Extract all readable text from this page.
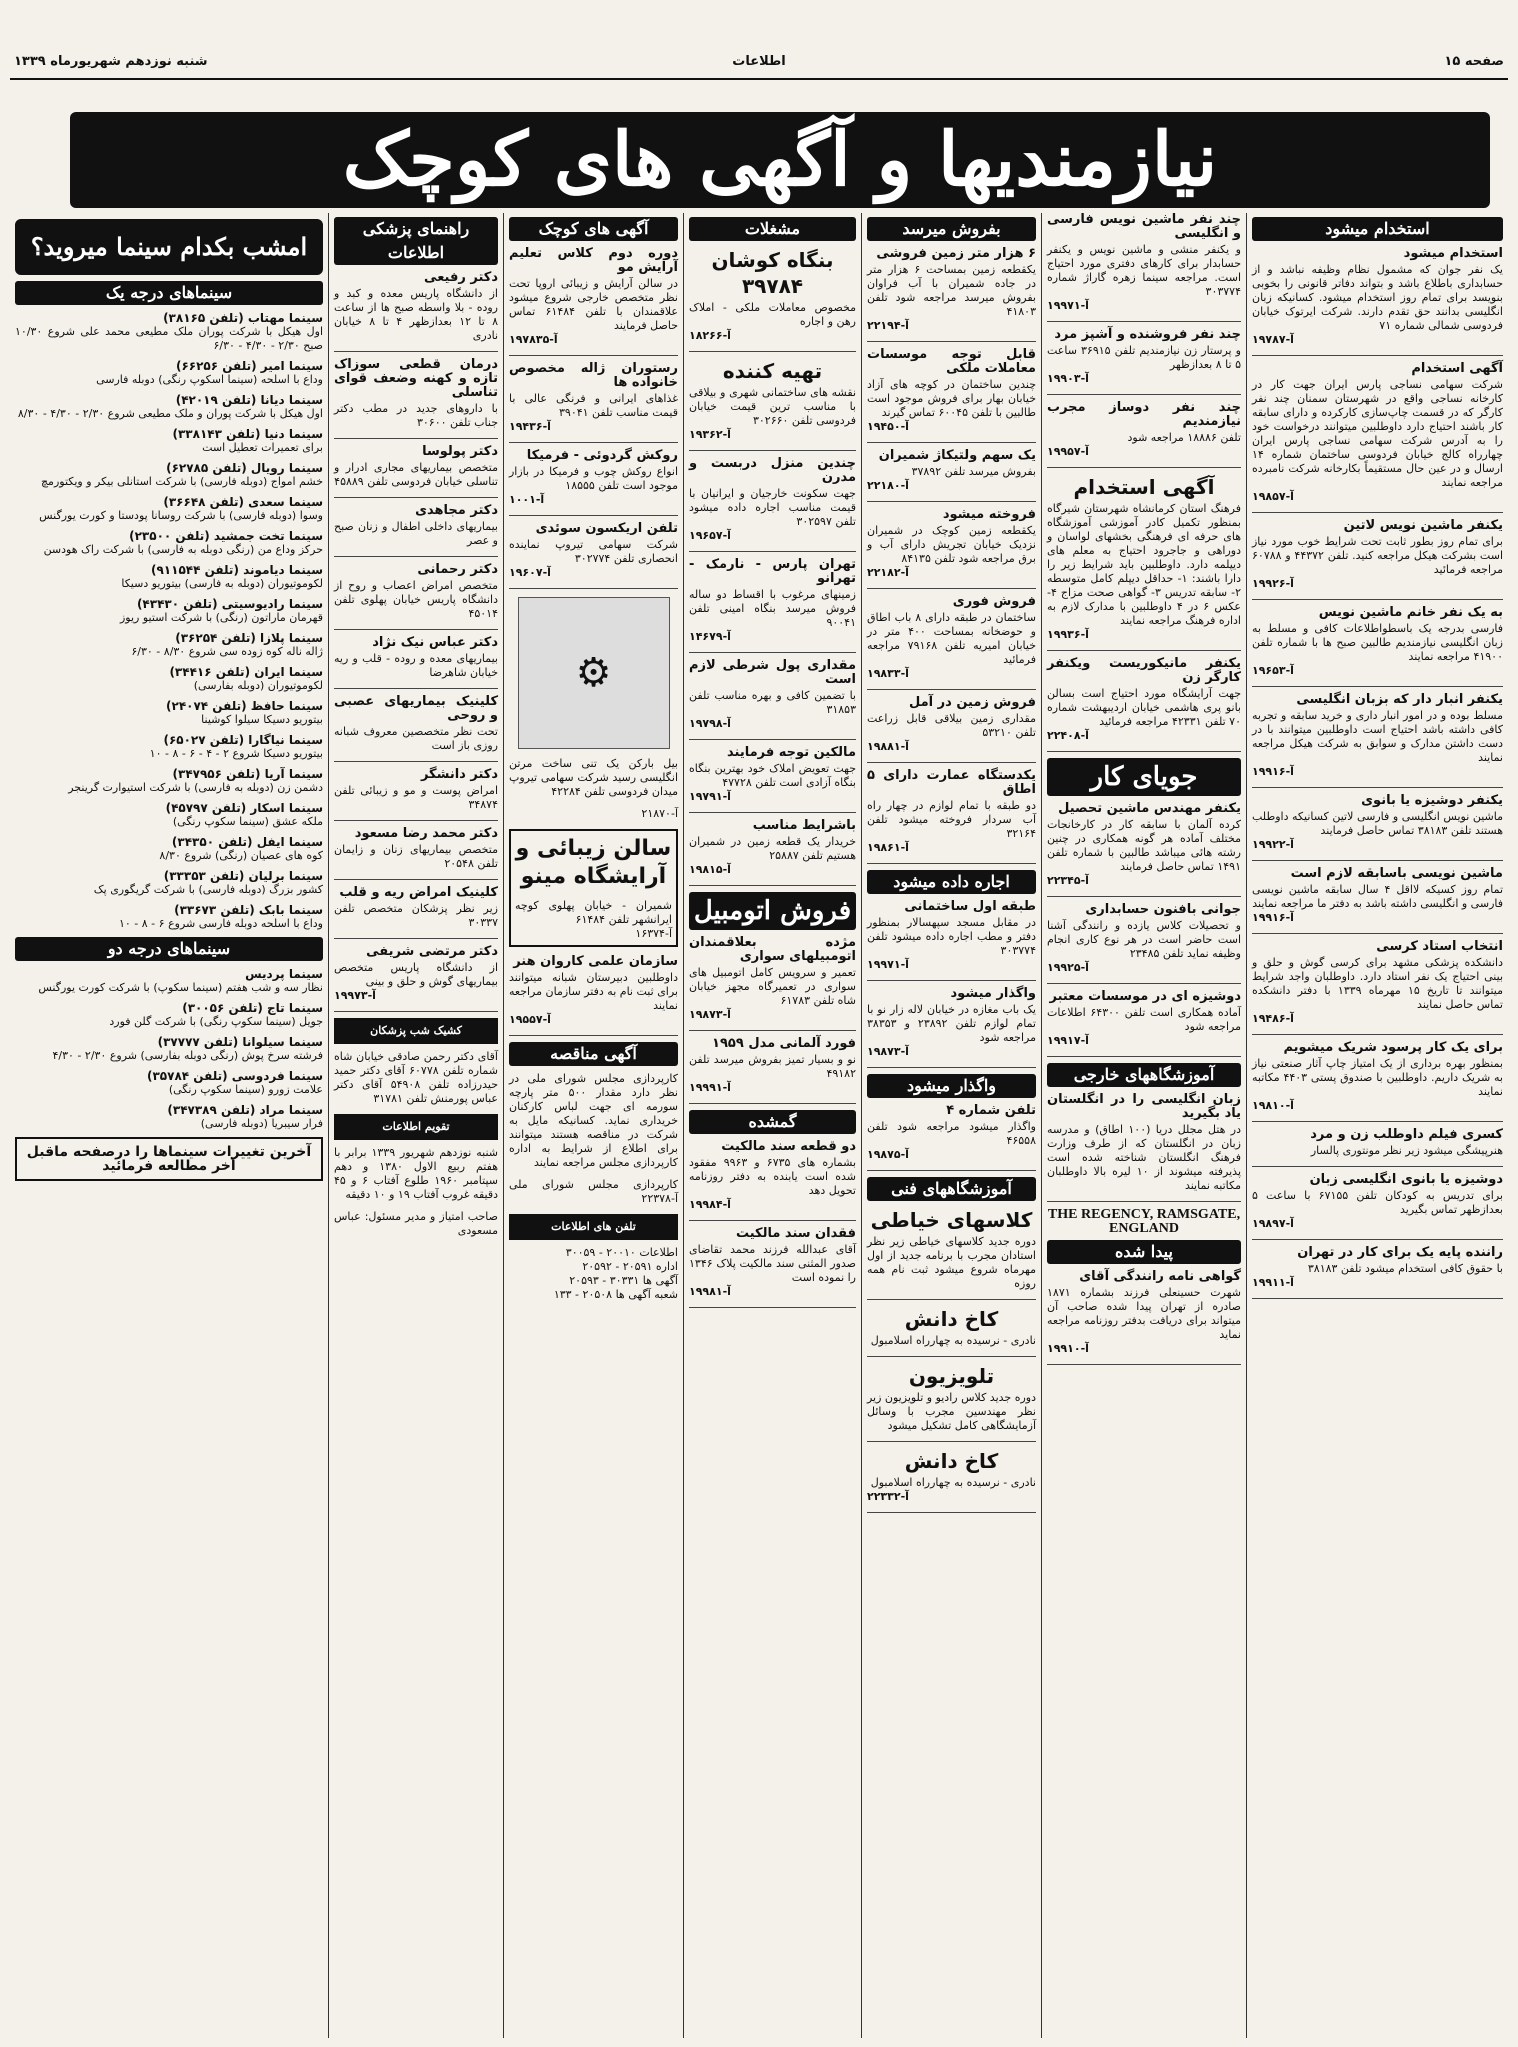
صفحه ۱۵
اطلاعات
شنبه نوزدهم شهریورماه ۱۳۳۹
نیازمندیها و آگهی های کوچک
استخدام میشود
استخدام میشود
یک نفر جوان که مشمول نظام وظیفه نباشد و از حسابداری باطلاع باشد و بتواند دفاتر قانونی را بخوبی بنویسد برای تمام روز استخدام میشود. کسانیکه زبان انگلیسی بدانند حق تقدم دارند. شرکت ایرتوک خیابان فردوسی شمالی شماره ۷۱
آ-۱۹۷۸۷
آگهی استخدام
شرکت سهامی نساجی پارس ایران جهت کار در کارخانه نساجی واقع در شهرستان سمنان چند نفر کارگر که در قسمت چاپ‌سازی کارکرده و دارای سابقه کار باشند احتیاج دارد داوطلبین میتوانند درخواست خود را به آدرس شرکت سهامی نساجی پارس ایران چهارراه کالج خیابان فردوسی ساختمان شماره ۱۴ ارسال و در عین حال مستقیماً بکارخانه شرکت نامبرده مراجعه نمایند
آ-۱۹۸۵۷
یکنفر ماشین نویس لاتین
برای تمام روز بطور ثابت تحت شرایط خوب مورد نیاز است بشرکت هیکل مراجعه کنید. تلفن ۴۴۳۷۲ و ۶۰۷۸۸ مراجعه فرمائید
آ-۱۹۹۲۶
به یک نفر خانم ماشین نویس
فارسی بدرجه یک باسطواطلاعات کافی و مسلط به زبان انگلیسی نیازمندیم طالبین صبح ها با شماره تلفن ۴۱۹۰۰ مراجعه نمایند
آ-۱۹۶۵۳
یکنفر انبار دار که بزبان انگلیسی
مسلط بوده و در امور انبار داری و خرید سابقه و تجربه کافی داشته باشد احتیاج است داوطلبین میتوانند با در دست داشتن مدارک و سوابق به شرکت هیکل مراجعه نمایند
آ-۱۹۹۱۶
یکنفر دوشیزه یا بانوی
ماشین نویس انگلیسی و فارسی لاتین کسانیکه داوطلب هستند تلفن ۳۸۱۸۳ تماس حاصل فرمایند
آ-۱۹۹۲۲
ماشین نویسی باسابقه لازم است
تمام روز کسیکه لااقل ۴ سال سابقه ماشین نویسی فارسی و انگلیسی داشته باشد به دفتر ما مراجعه نمایند
آ-۱۹۹۱۶
انتخاب استاد کرسی
دانشکده پزشکی مشهد برای کرسی گوش و حلق و بینی احتیاج یک نفر استاد دارد. داوطلبان واجد شرایط میتوانند تا تاریخ ۱۵ مهرماه ۱۳۳۹ با دفتر دانشکده تماس حاصل نمایند
آ-۱۹۴۸۶
برای یک کار پرسود شریک میشویم
بمنظور بهره برداری از یک امتیاز چاپ آثار صنعتی نیاز به شریک داریم. داوطلبین با صندوق پستی ۴۴۰۳ مکاتبه نمایند
آ-۱۹۸۱۰
کسری فیلم داوطلب زن و مرد
هنرپیشگی میشود زیر نظر مونتوری پالسار
دوشیزه یا بانوی انگلیسی زبان
برای تدریس به کودکان تلفن ۶۷۱۵۵ با ساعت ۵ بعدازظهر تماس بگیرید
آ-۱۹۸۹۷
راننده پایه یک برای کار در تهران
با حقوق کافی استخدام میشود تلفن ۳۸۱۸۳
آ-۱۹۹۱۱
چند نفر ماشین نویس فارسی و انگلیسی
و یکنفر منشی و ماشین نویس و یکنفر حسابدار برای کارهای دفتری مورد احتیاج است. مراجعه سینما زهره گاراژ شماره ۳۰۳۷۷۴
آ-۱۹۹۷۱
چند نفر فروشنده و آشپز مرد
و پرستار زن نیازمندیم تلفن ۳۶۹۱۵ ساعت ۵ تا ۸ بعدازظهر
آ-۱۹۹۰۳
چند نفر دوساز مجرب نیازمندیم
تلفن ۱۸۸۸۶ مراجعه شود
آ-۱۹۹۵۷
آگهی استخدام
فرهنگ استان کرمانشاه شهرستان شیرگاه بمنظور تکمیل کادر آموزشی آموزشگاه های حرفه ای فرهنگی بخشهای لواسان و دوراهی و جاجرود احتیاج به معلم های دیپلمه دارد. داوطلبین باید شرایط زیر را دارا باشند: ۱- حداقل دیپلم کامل متوسطه ۲- سابقه تدریس ۳- گواهی صحت مزاج ۴- عکس ۶ در ۴ داوطلبین با مدارک لازم به اداره فرهنگ مراجعه نمایند
آ-۱۹۹۳۶
یکنفر مانیکوریست ویکنفر کارگر زن
جهت آرایشگاه مورد احتیاج است بسالن بانو پری هاشمی خیابان اردیبهشت شماره ۷۰ تلفن ۴۲۳۳۱ مراجعه فرمائید
آ-۲۲۴۰۸
جویای کار
یکنفر مهندس ماشین تحصیل
کرده آلمان با سابقه کار در کارخانجات مختلف آماده هر گونه همکاری در چنین رشته هائی میباشد طالبین با شماره تلفن ۱۴۹۱ تماس حاصل فرمایند
آ-۲۲۳۴۵
جوانی بافنون حسابداری
و تحصیلات کلاس یازده و رانندگی آشنا است حاضر است در هر نوع کاری انجام وظیفه نماید تلفن ۲۳۴۸۵
آ-۱۹۹۲۵
دوشیزه ای در موسسات معتبر
آماده همکاری است تلفن ۶۴۳۰۰ اطلاعات مراجعه شود
آ-۱۹۹۱۷
آموزشگاههای خارجی
زبان انگلیسی را در انگلستان یاد بگیرید
در هتل مجلل دریا (۱۰۰ اطاق) و مدرسه زبان در انگلستان که از طرف وزارت فرهنگ انگلستان شناخته شده است پذیرفته میشوند از ۱۰ لیره بالا داوطلبان مکاتبه نمایند
THE REGENCY, RAMSGATE, ENGLAND
پیدا شده
گواهی نامه رانندگی آقای
شهرت حسینعلی فرزند بشماره ۱۸۷۱ صادره از تهران پیدا شده صاحب آن میتواند برای دریافت بدفتر روزنامه مراجعه نماید
آ-۱۹۹۱۰
بفروش میرسد
۶ هزار متر زمین فروشی
یکقطعه زمین بمساحت ۶ هزار متر در جاده شمیران با آب فراوان بفروش میرسد مراجعه شود تلفن ۴۱۸۰۳
آ-۲۲۱۹۴
قابل توجه موسسات معاملات ملکی
چندین ساختمان در کوچه های آزاد خیابان بهار برای فروش موجود است طالبین با تلفن ۶۰۰۴۵ تماس گیرند
آ-۱۹۴۵۰
یک سهم ولتیکاژ شمیران
بفروش میرسد تلفن ۳۷۸۹۲
آ-۲۲۱۸۰
فروخته میشود
یکقطعه زمین کوچک در شمیران نزدیک خیابان تجریش دارای آب و برق مراجعه شود تلفن ۸۴۱۳۵
آ-۲۲۱۸۲
فروش فوری
ساختمان در طبقه دارای ۸ باب اطاق و حوضخانه بمساحت ۴۰۰ متر در خیابان امیریه تلفن ۷۹۱۶۸ مراجعه فرمائید
آ-۱۹۸۳۳
فروش زمین در آمل
مقداری زمین بیلاقی قابل زراعت تلفن ۵۳۲۱۰
آ-۱۹۸۸۱
یکدستگاه عمارت دارای ۵ اطاق
دو طبقه با تمام لوازم در چهار راه آب سردار فروخته میشود تلفن ۳۲۱۶۴
آ-۱۹۸۶۱
اجاره داده میشود
طبقه اول ساختمانی
در مقابل مسجد سپهسالار بمنظور دفتر و مطب اجاره داده میشود تلفن ۳۰۳۷۷۴
آ-۱۹۹۷۱
واگذار میشود
یک باب مغازه در خیابان لاله زار نو با تمام لوازم تلفن ۲۳۸۹۲ و ۳۸۳۵۳ مراجعه شود
آ-۱۹۸۷۳
واگذار میشود
تلفن شماره ۴
واگذار میشود مراجعه شود تلفن ۴۶۵۵۸
آ-۱۹۸۷۵
آموزشگاههای فنی
کلاسهای خیاطی
دوره جدید کلاسهای خیاطی زیر نظر استادان مجرب با برنامه جدید از اول مهرماه شروع میشود ثبت نام همه روزه
کاخ دانش
نادری - نرسیده به چهارراه اسلامبول
تلویزیون
دوره جدید کلاس رادیو و تلویزیون زیر نظر مهندسین مجرب با وسائل آزمایشگاهی کامل تشکیل میشود
کاخ دانش
نادری - نرسیده به چهارراه اسلامبول
آ-۲۲۳۳۲
مشغلات
بنگاه کوشان ۳۹۷۸۴
مخصوص معاملات ملکی - املاک رهن و اجاره
آ-۱۸۲۶۶
تهیه کننده
نقشه های ساختمانی شهری و بیلاقی با مناسب ترین قیمت خیابان فردوسی تلفن ۳۰۲۶۶۰
آ-۱۹۳۶۲
چندین منزل دربست و مدرن
جهت سکونت خارجیان و ایرانیان با قیمت مناسب اجاره داده میشود تلفن ۳۰۲۵۹۷
آ-۱۹۶۵۷
تهران پارس - نارمک - تهرانو
زمینهای مرغوب با اقساط دو ساله فروش میرسد بنگاه امینی تلفن ۹۰۰۴۱
آ-۱۴۶۷۹
مقداری پول شرطی لازم است
با تضمین کافی و بهره مناسب تلفن ۳۱۸۵۳
آ-۱۹۷۹۸
مالکین توجه فرمایند
جهت تعویض املاک خود بهترین بنگاه بنگاه آزادی است تلفن ۴۷۷۲۸
آ-۱۹۷۹۱
باشرایط مناسب
خریدار یک قطعه زمین در شمیران هستیم تلفن ۲۵۸۸۷
آ-۱۹۸۱۵
فروش اتومبیل
مژده بعلاقمندان اتومبیلهای سواری
تعمیر و سرویس کامل اتومبیل های سواری در تعمیرگاه مجهز خیابان شاه تلفن ۶۱۷۸۳
آ-۱۹۸۷۳
فورد آلمانی مدل ۱۹۵۹
نو و بسیار تمیز بفروش میرسد تلفن ۴۹۱۸۲
آ-۱۹۹۹۱
گمشده
دو قطعه سند مالکیت
بشماره های ۶۷۳۵ و ۹۹۶۳ مفقود شده است یابنده به دفتر روزنامه تحویل دهد
آ-۱۹۹۸۴
فقدان سند مالکیت
آقای عبدالله فرزند محمد تقاضای صدور المثنی سند مالکیت پلاک ۱۳۴۶ را نموده است
آ-۱۹۹۸۱
آگهی های کوچک
دوره دوم کلاس تعلیم آرایش مو
در سالن آرایش و زیبائی اروپا تحت نظر متخصص خارجی شروع میشود علاقمندان با تلفن ۶۱۴۸۴ تماس حاصل فرمایند
آ-۱۹۷۸۳۵
رستوران ژاله مخصوص خانواده ها
غذاهای ایرانی و فرنگی عالی با قیمت مناسب تلفن ۳۹۰۴۱
آ-۱۹۴۳۶
روکش گردوئی - فرمیکا
انواع روکش چوب و فرمیکا در بازار موجود است تلفن ۱۸۵۵۵
آ-۱۰۰۱
تلفن اریکسون سوئدی
شرکت سهامی تیروپ نماینده انحصاری تلفن ۳۰۲۷۷۴
آ-۱۹۶۰۷
⚙
بیل بارکن یک تنی ساخت مرتن انگلیسی رسید شرکت سهامی تیروپ میدان فردوسی تلفن ۴۲۲۸۴
آ-۲۱۸۷۰
سالن زیبائی و آرایشگاه مینو
شمیران - خیابان پهلوی کوچه ایرانشهر تلفن ۶۱۴۸۴
آ-۱۶۳۷۴
سازمان علمی کاروان هنر
داوطلبین دبیرستان شبانه میتوانند برای ثبت نام به دفتر سازمان مراجعه نمایند
آ-۱۹۵۵۷
آگهی مناقصه
کارپردازی مجلس شورای ملی در نظر دارد مقدار ۵۰۰ متر پارچه سورمه ای جهت لباس کارکنان خریداری نماید. کسانیکه مایل به شرکت در مناقصه هستند میتوانند برای اطلاع از شرایط به اداره کارپردازی مجلس مراجعه نمایند
کارپردازی مجلس شورای ملی آ-۲۲۳۷۸
تلفن های اطلاعات
اطلاعات ۲۰۰۱۰ - ۳۰۰۵۹
اداره ۲۰۵۹۱ - ۲۰۵۹۲
آگهی ها ۳۰۳۳۱ - ۲۰۵۹۳
شعبه آگهی ها ۲۰۵۰۸ - ۱۳۳
راهنمای پزشکی اطلاعات
دکتر رفیعی
از دانشگاه پاریس معده و کبد و روده - بلا واسطه صبح ها از ساعت ۸ تا ۱۲ بعدازظهر ۴ تا ۸ خیابان نادری
درمان قطعی سوزاک تازه و کهنه وضعف قوای تناسلی
با داروهای جدید در مطب دکتر جناب تلفن ۳۰۶۰۰
دکتر پولوسا
متخصص بیماریهای مجاری ادرار و تناسلی خیابان فردوسی تلفن ۴۵۸۸۹
دکتر مجاهدی
بیماریهای داخلی اطفال و زنان صبح و عصر
دکتر رحمانی
متخصص امراض اعصاب و روح از دانشگاه پاریس خیابان پهلوی تلفن ۴۵۰۱۴
دکتر عباس نیک نژاد
بیماریهای معده و روده - قلب و ریه خیابان شاهرضا
کلینیک بیماریهای عصبی و روحی
تحت نظر متخصصین معروف شبانه روزی باز است
دکتر دانشگر
امراض پوست و مو و زیبائی تلفن ۳۴۸۷۴
دکتر محمد رضا مسعود
متخصص بیماریهای زنان و زایمان تلفن ۲۰۵۴۸
کلینیک امراض ریه و قلب
زیر نظر پزشکان متخصص تلفن ۳۰۳۳۷
دکتر مرتضی شریفی
از دانشگاه پاریس متخصص بیماریهای گوش و حلق و بینی
آ-۱۹۹۷۳
کشیک شب پزشکان
آقای دکتر رحمن صادقی خیابان شاه شماره تلفن ۶۰۷۷۸ آقای دکتر حمید حیدرزاده تلفن ۵۴۹۰۸ آقای دکتر عباس پورمنش تلفن ۳۱۷۸۱
تقویم اطلاعات
شنبه نوزدهم شهریور ۱۳۳۹ برابر با هفتم ربیع الاول ۱۳۸۰ و دهم سپتامبر ۱۹۶۰ طلوع آفتاب ۶ و ۴۵ دقیقه غروب آفتاب ۱۹ و ۱۰ دقیقه
صاحب امتیاز و مدیر مسئول: عباس مسعودی
امشب بکدام سینما میروید؟
سینماهای درجه یک
سینما مهتاب (تلفن ۳۸۱۶۵)
اول هیکل با شرکت پوران ملک مطیعی محمد علی شروع ۱۰/۳۰ صبح ۲/۳۰ - ۴/۳۰ - ۶/۳۰
سینما امیر (تلفن ۶۶۲۵۶)
وداع با اسلحه (سینما اسکوپ رنگی) دوبله فارسی
سینما دیانا (تلفن ۴۲۰۱۹)
اول هیکل با شرکت پوران و ملک مطیعی شروع ۲/۳۰ - ۴/۳۰ - ۸/۳۰
سینما دنیا (تلفن ۳۳۸۱۴۳)
برای تعمیرات تعطیل است
سینما رویال (تلفن ۶۲۷۸۵)
خشم امواج (دوبله فارسی) با شرکت استانلی بیکر و ویکتورمچ
سینما سعدی (تلفن ۳۶۶۴۸)
وسوا (دوبله فارسی) با شرکت روسانا پودستا و کورت یورگنس
سینما تخت جمشید (تلفن ۲۳۵۰۰)
حرکز وداع من (رنگی دوبله به فارسی) با شرکت راک هودسن
سینما دیاموند (تلفن ۹۱۱۵۴۴)
لکوموتیوران (دوبله به فارسی) بیتوریو دسیکا
سینما رادیوسیتی (تلفن ۴۳۴۳۰)
قهرمان ماراتون (رنگی) با شرکت استیو ریوز
سینما پلازا (تلفن ۳۶۲۵۴)
ژاله ناله کوه زوده سی شروع ۸/۳۰ - ۶/۳۰
سینما ایران (تلفن ۳۴۴۱۶)
لکوموتیوران (دوبله بفارسی)
سینما حافظ (تلفن ۲۴۰۷۴)
بیتوریو دسیکا سیلوا کوشینا
سینما نیاگارا (تلفن ۶۵۰۲۷)
بیتوریو دسیکا شروع ۲ - ۴ - ۶ - ۸ - ۱۰
سینما آریا (تلفن ۳۴۷۹۵۶)
دشمن زن (دوبله به فارسی) با شرکت استیوارت گرینجر
سینما اسکار (تلفن ۴۵۷۹۷)
ملکه عشق (سینما سکوپ رنگی)
سینما ایفل (تلفن ۳۴۳۵۰)
کوه های عصیان (رنگی) شروع ۸/۳۰
سینما برلیان (تلفن ۳۳۳۵۳)
کشور بزرگ (دوبله فارسی) با شرکت گریگوری پک
سینما بابک (تلفن ۳۳۶۷۳)
وداع با اسلحه دوبله فارسی شروع ۶ - ۸ - ۱۰
سینماهای درجه دو
سینما پردیس
نظار سه و شب هفتم (سینما سکوپ) با شرکت کورت یورگنس
سینما تاج (تلفن ۳۰۰۵۶)
جویل (سینما سکوپ رنگی) با شرکت گلن فورد
سینما سیلوانا (تلفن ۳۷۷۷۷)
فرشته سرخ پوش (رنگی دوبله بفارسی) شروع ۲/۳۰ - ۴/۳۰
سینما فردوسی (تلفن ۳۵۷۸۴)
علامت زورو (سینما سکوپ رنگی)
سینما مراد (تلفن ۳۴۷۳۸۹)
فرار سیبریا (دوبله فارسی)
آخرین تغییرات سینماها را درصفحه ماقبل آخر مطالعه فرمائید
